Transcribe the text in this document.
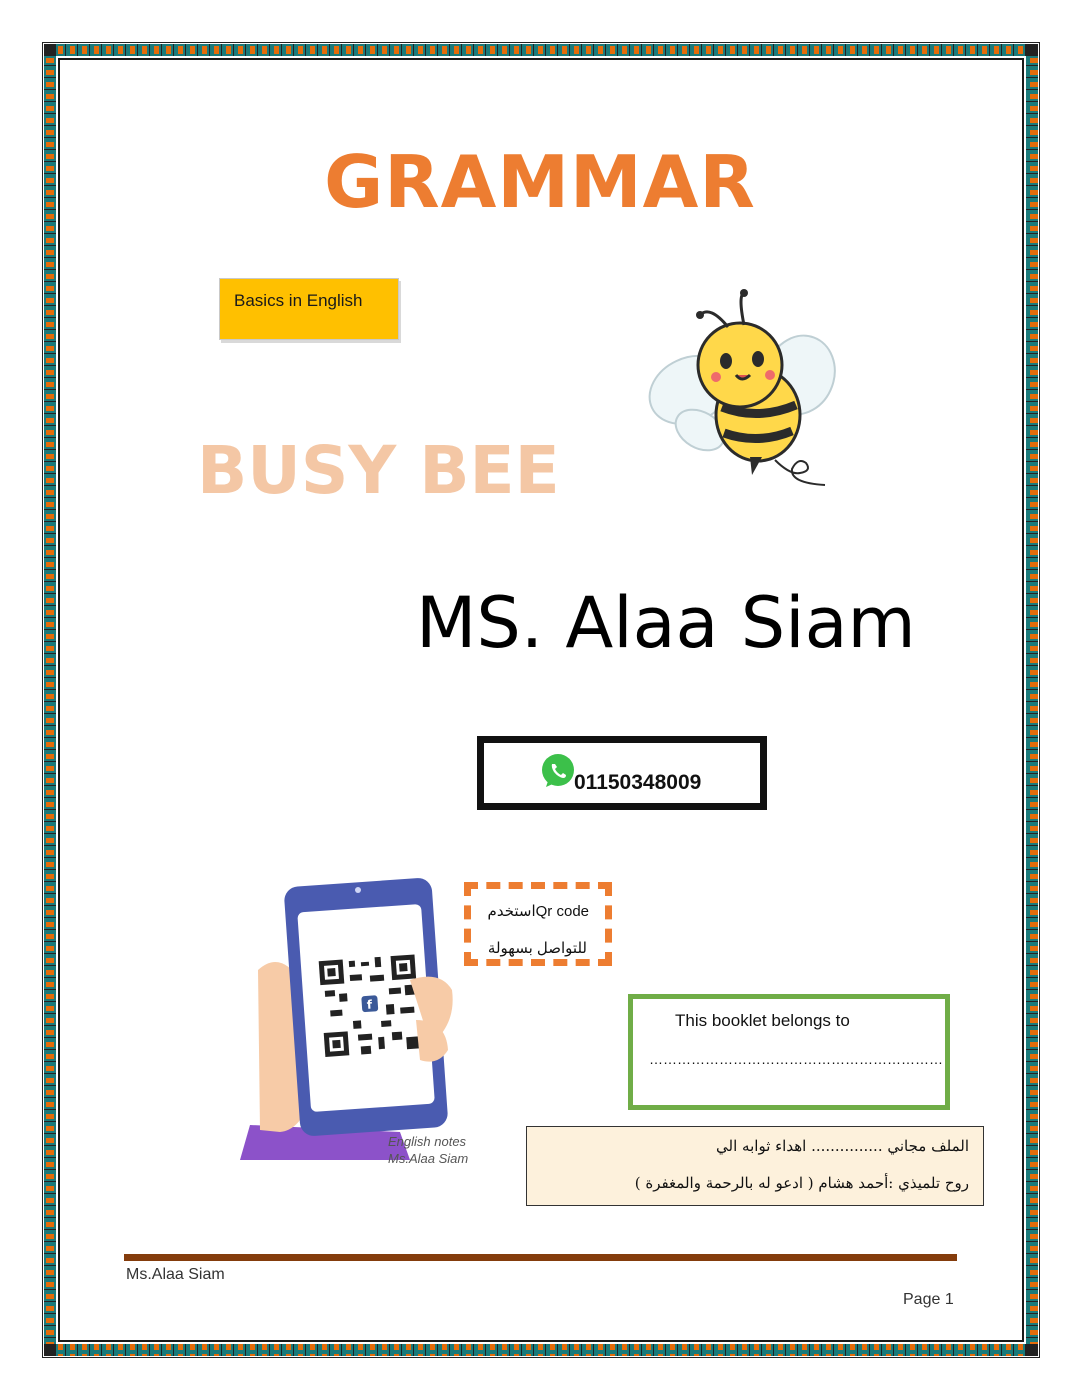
GRAMMAR
Basics in English
BUSY BEE
MS. Alaa Siam
01150348009
f
English notes
Ms.Alaa Siam
استخدمQr code
للتواصل بسهولة
This booklet belongs to
………………………………………………………
الملف مجاني ............... اهداء ثوابه الي
روح تلميذي :أحمد هشام ( ادعو له بالرحمة والمغفرة )
Ms.Alaa Siam
Page 1
